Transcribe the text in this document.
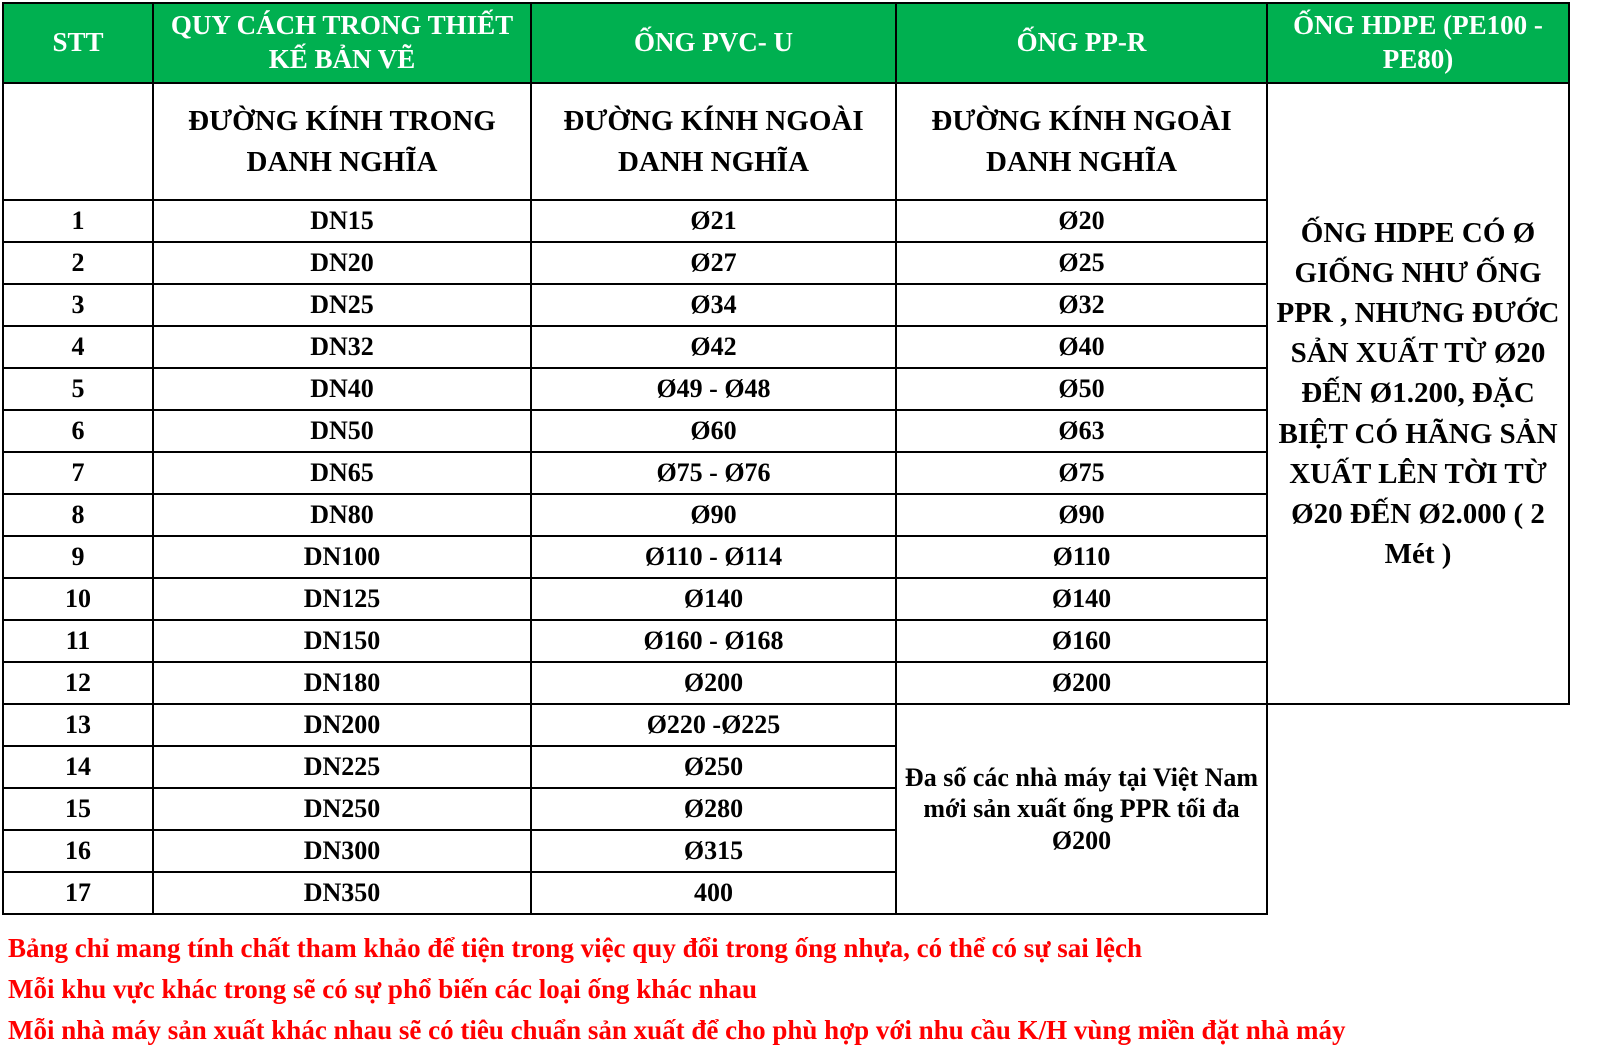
STT	QUY CÁCH TRONG THIẾT KẾ BẢN VẼ	ỐNG PVC- U	ỐNG PP-R	ỐNG HDPE (PE100 - PE80)
	ĐƯỜNG KÍNH TRONG DANH NGHĨA	ĐƯỜNG KÍNH NGOÀI DANH NGHĨA	ĐƯỜNG KÍNH NGOÀI DANH NGHĨA	ỐNG HDPE CÓ Ø GIỐNG NHƯ ỐNG PPR , NHƯNG ĐƯỚC SẢN XUẤT TỪ Ø20 ĐẾN Ø1.200, ĐẶC BIỆT CÓ HÃNG SẢN XUẤT LÊN TỜI TỪ Ø20 ĐẾN Ø2.000 ( 2 Mét )
1	DN15	Ø21	Ø20	
2	DN20	Ø27	Ø25	
3	DN25	Ø34	Ø32	
4	DN32	Ø42	Ø40	
5	DN40	Ø49 - Ø48	Ø50	
6	DN50	Ø60	Ø63	
7	DN65	Ø75 - Ø76	Ø75	
8	DN80	Ø90	Ø90	
9	DN100	Ø110 - Ø114	Ø110	
10	DN125	Ø140	Ø140	
11	DN150	Ø160 - Ø168	Ø160	
12	DN180	Ø200	Ø200	
13	DN200	Ø220 -Ø225	Đa số các nhà máy tại Việt Nam mới sản xuất ống PPR tối đa Ø200	
14	DN225	Ø250		
15	DN250	Ø280		
16	DN300	Ø315		
17	DN350	400		
Bảng chỉ mang tính chất tham khảo để tiện trong việc quy đổi trong ống nhựa, có thể có sự sai lệch
Mỗi khu vực khác trong sẽ có sự phổ biến các loại ống khác nhau
Mỗi nhà máy sản xuất khác nhau sẽ có tiêu chuẩn sản xuất để cho phù hợp với nhu cầu K/H vùng miền đặt nhà máy
